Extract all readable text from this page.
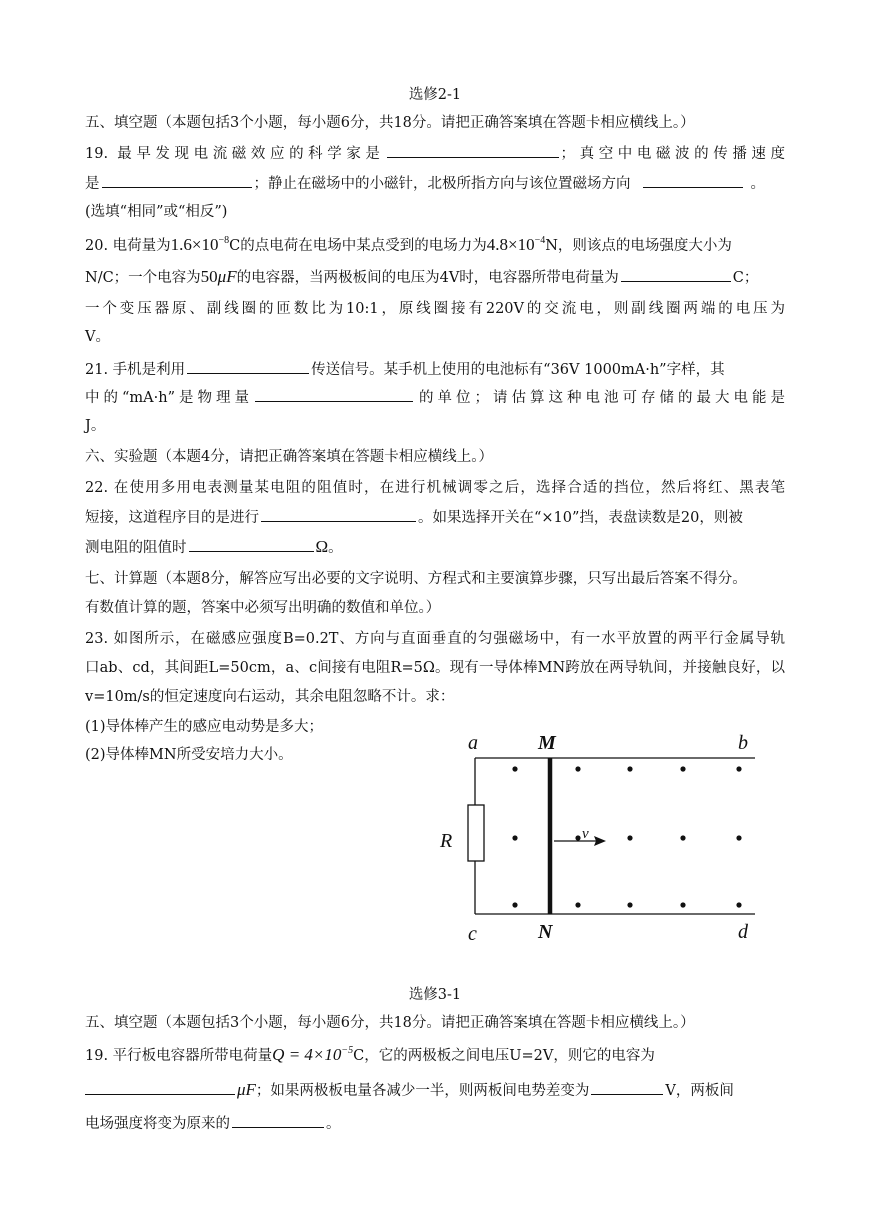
选修2-1
五、填空题（本题包括3个小题，每小题6分，共18分。请把正确答案填在答题卡相应横线上。）
19. 最早发现电流磁效应的科学家是	；真空中电磁波的传播速度
是	；静止在磁场中的小磁针，北极所指方向与该位置磁场方向	。
(选填“相同”或“相反”)
20. 电荷量为$1.6\times 10^{-8}C$的点电荷在电场中某点受到的电场力为$4.8\times 10^{-4}N$，则该点的电场强度大小为
N/C；一个电容为50μF的电容器，当两极板间的电压为4V时，电容器所带电荷量为	C；
一个变压器原、副线圈的匝数比为10:1，原线圈接有220V的交流电，则副线圈两端的电压为
V。
21. 手机是利用	传送信号。某手机上使用的电池标有“36V 1000mA·h”字样，其
中的“mA·h”是物理量	的单位；请估算这种电池可存储的最大电能是
J。
六、实验题（本题4分，请把正确答案填在答题卡相应横线上。）
22. 在使用多用电表测量某电阻的阻值时，在进行机械调零之后，选择合适的挡位，然后将红、黑表笔
短接，这道程序目的是进行	。如果选择开关在“×10”挡，表盘读数是20，则被
测电阻的阻值时	Ω。
七、计算题（本题8分，解答应写出必要的文字说明、方程式和主要演算步骤，只写出最后答案不得分。
有数值计算的题，答案中必须写出明确的数值和单位。）
23. 如图所示，在磁感应强度B=0.2T、方向与直面垂直的匀强磁场中，有一水平放置的两平行金属导轨
口ab、cd，其间距L=50cm，a、c间接有电阻R=5Ω。现有一导体棒MN跨放在两导轨间，并接触良好，以
v=10m/s的恒定速度向右运动，其余电阻忽略不计。求：
(1)导体棒产生的感应电动势是多大；
(2)导体棒MN所受安培力大小。
a	M	b
R	v
c	N	d
选修3-1
五、填空题（本题包括3个小题，每小题6分，共18分。请把正确答案填在答题卡相应横线上。）
19. 平行板电容器所带电荷量$Q = 4\times 10^{-5}C$，它的两极板之间电压U=2V，则它的电容为
μF；如果两极板电量各减少一半，则两板间电势差变为	V，两板间
电场强度将变为原来的	。
